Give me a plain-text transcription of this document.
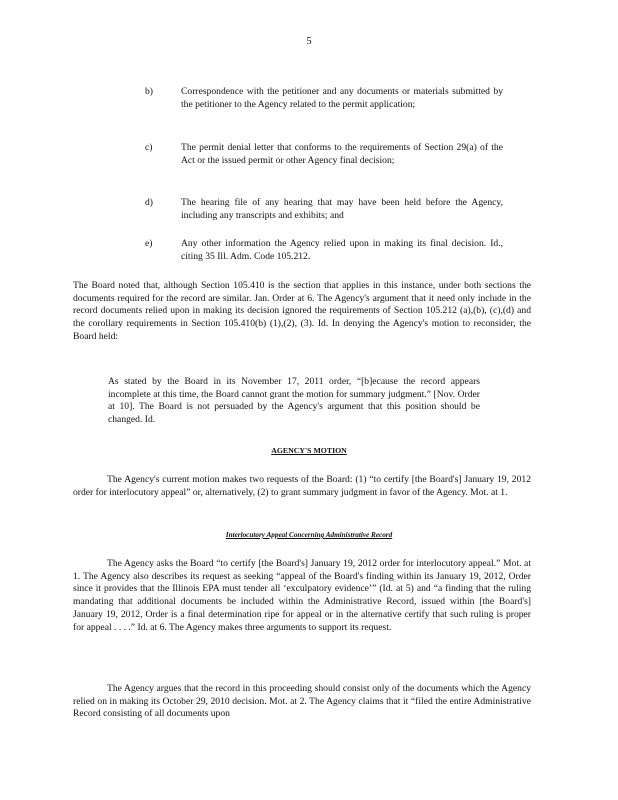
5
b)	Correspondence with the petitioner and any documents or materials submitted by the petitioner to the Agency related to the permit application;
c)	The permit denial letter that conforms to the requirements of Section 29(a) of the Act or the issued permit or other Agency final decision;
d)	The hearing file of any hearing that may have been held before the Agency, including any transcripts and exhibits; and
e)	Any other information the Agency relied upon in making its final decision. Id., citing 35 Ill. Adm. Code 105.212.
The Board noted that, although Section 105.410 is the section that applies in this instance, under both sections the documents required for the record are similar. Jan. Order at 6. The Agency's argument that it need only include in the record documents relied upon in making its decision ignored the requirements of Section 105.212 (a),(b), (c),(d) and the corollary requirements in Section 105.410(b) (1),(2), (3). Id. In denying the Agency's motion to reconsider, the Board held:
As stated by the Board in its November 17, 2011 order, “[b]ecause the record appears incomplete at this time, the Board cannot grant the motion for summary judgment.” [Nov. Order at 10]. The Board is not persuaded by the Agency's argument that this position should be changed. Id.
AGENCY'S MOTION
The Agency's current motion makes two requests of the Board: (1) “to certify [the Board's] January 19, 2012 order for interlocutory appeal” or, alternatively, (2) to grant summary judgment in favor of the Agency. Mot. at 1.
Interlocutory Appeal Concerning Administrative Record
The Agency asks the Board “to certify [the Board's] January 19, 2012 order for interlocutory appeal.” Mot. at 1. The Agency also describes its request as seeking “appeal of the Board's finding within its January 19, 2012, Order since it provides that the Illinois EPA must tender all ‘exculpatory evidence’” (Id. at 5) and “a finding that the ruling mandating that additional documents be included within the Administrative Record, issued within [the Board's] January 19, 2012, Order is a final determination ripe for appeal or in the alternative certify that such ruling is proper for appeal . . . .” Id. at 6. The Agency makes three arguments to support its request.
The Agency argues that the record in this proceeding should consist only of the documents which the Agency relied on in making its October 29, 2010 decision. Mot. at 2. The Agency claims that it “filed the entire Administrative Record consisting of all documents upon
